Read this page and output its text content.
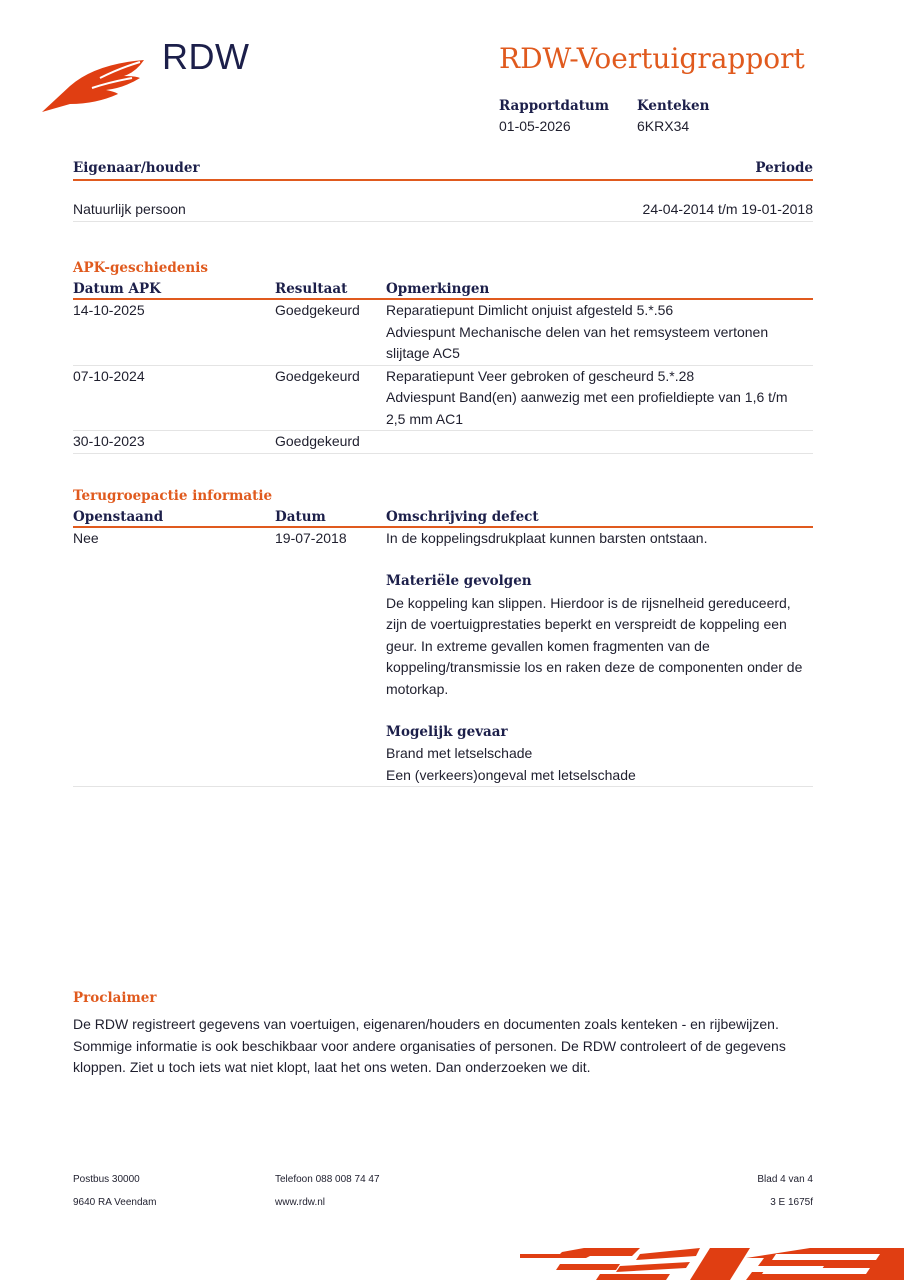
RDW	RDW-Voertuigrapport
Rapportdatum
01-05-2026
Kenteken
6KRX34
Eigenaar/houder	Periode
Natuurlijk persoon	24-04-2014 t/m 19-01-2018
APK-geschiedenis
Datum APK	Resultaat	Opmerkingen
14-10-2025	Goedgekeurd	Reparatiepunt Dimlicht onjuist afgesteld 5.*.56
Adviespunt Mechanische delen van het remsysteem vertonen
slijtage AC5
07-10-2024	Goedgekeurd	Reparatiepunt Veer gebroken of gescheurd 5.*.28
Adviespunt Band(en) aanwezig met een profieldiepte van 1,6 t/m
2,5 mm AC1
30-10-2023	Goedgekeurd
Terugroepactie informatie
Openstaand	Datum	Omschrijving defect
Nee	19-07-2018	In de koppelingsdrukplaat kunnen barsten ontstaan.
Materiële gevolgen
De koppeling kan slippen. Hierdoor is de rijsnelheid gereduceerd,
zijn de voertuigprestaties beperkt en verspreidt de koppeling een
geur. In extreme gevallen komen fragmenten van de
koppeling/transmissie los en raken deze de componenten onder de
motorkap.
Mogelijk gevaar
Brand met letselschade
Een (verkeers)ongeval met letselschade
Proclaimer
De RDW registreert gegevens van voertuigen, eigenaren/houders en documenten zoals kenteken - en rijbewijzen.
Sommige informatie is ook beschikbaar voor andere organisaties of personen. De RDW controleert of de gegevens
kloppen. Ziet u toch iets wat niet klopt, laat het ons weten. Dan onderzoeken we dit.
Postbus 30000
9640 RA Veendam
Telefoon 088 008 74 47
www.rdw.nl
Blad 4 van 4
3 E 1675f
